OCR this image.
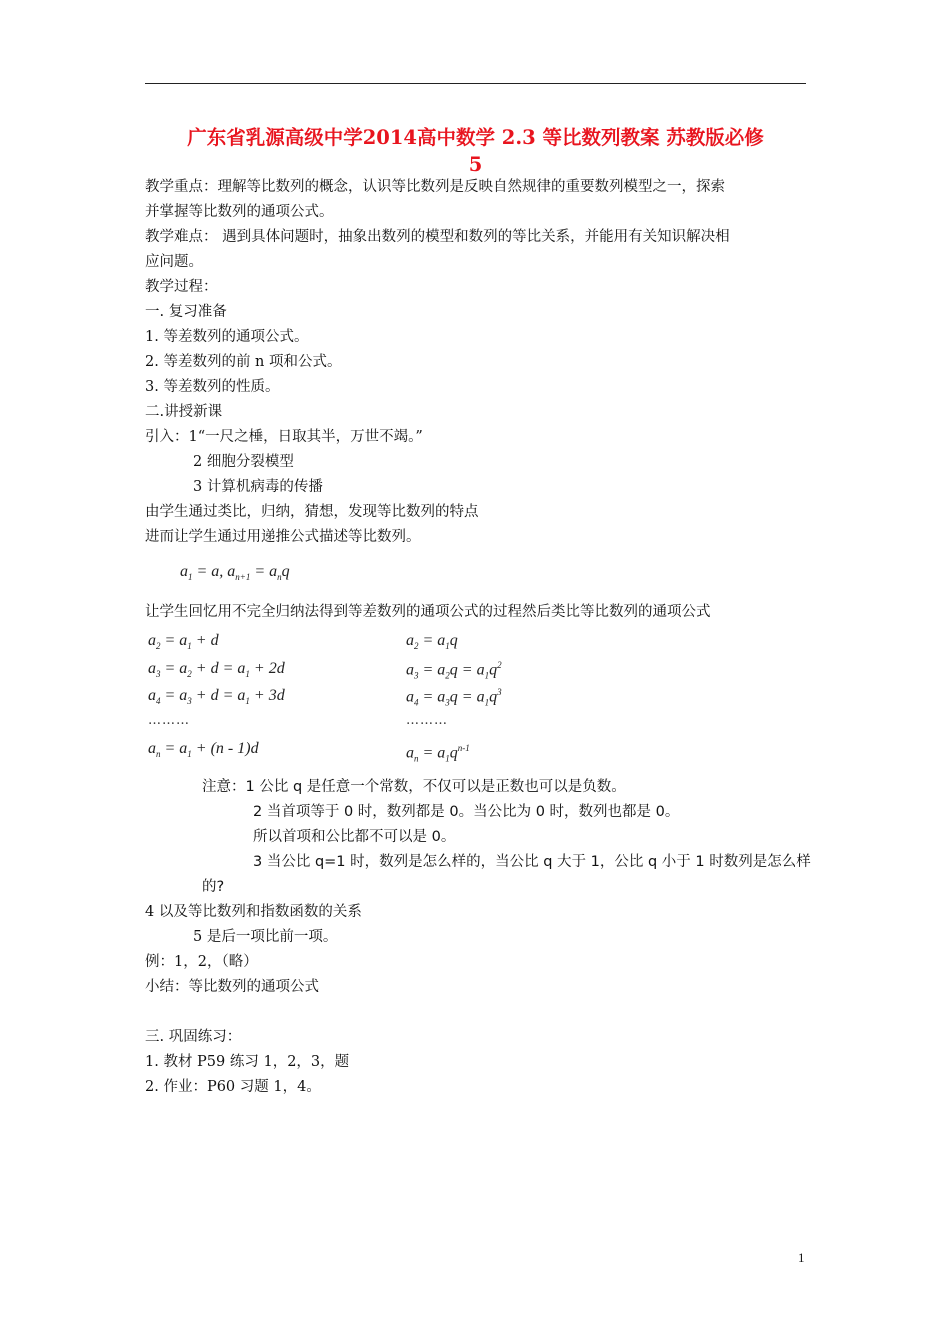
广东省乳源高级中学2014高中数学 2.3 等比数列教案 苏教版必修
5
教学重点：理解等比数列的概念，认识等比数列是反映自然规律的重要数列模型之一，探索
并掌握等比数列的通项公式。
教学难点： 遇到具体问题时，抽象出数列的模型和数列的等比关系，并能用有关知识解决相
应问题。
教学过程：
一. 复习准备
1. 等差数列的通项公式。
2. 等差数列的前 n 项和公式。
3. 等差数列的性质。
二.讲授新课
引入：1“一尺之棰，日取其半，万世不竭。”
2 细胞分裂模型
3 计算机病毒的传播
由学生通过类比，归纳，猜想，发现等比数列的特点
进而让学生通过用递推公式描述等比数列。
$a_1 = a$, $a_{n+1} = a_nq$
让学生回忆用不完全归纳法得到等差数列的通项公式的过程然后类比等比数列的通项公式
$a_2 = a_1 + d$
$a_3 = a_2 + d = a_1 + 2d$
$a_4 = a_3 + d = a_1 + 3d$
………
$a_n = a_1 + (n - 1)d$
$a_2 = a_1q$
$a_3 = a_2q = a_1q^2$
$a_4 = a_3q = a_1q^3$
………
$a_n = a_1q^{n-1}$
注意：1 公比 q 是任意一个常数，不仅可以是正数也可以是负数。
2 当首项等于 0 时，数列都是 0。当公比为 0 时，数列也都是 0。
所以首项和公比都不可以是 0。
3 当公比 q=1 时，数列是怎么样的，当公比 q 大于 1，公比 q 小于 1 时数列是怎么样
的?
4 以及等比数列和指数函数的关系
5 是后一项比前一项。
例：1，2，（略）
小结：等比数列的通项公式
三. 巩固练习：
1. 教材 P59 练习 1，2，3，题
2. 作业：P60 习题 1，4。
1
